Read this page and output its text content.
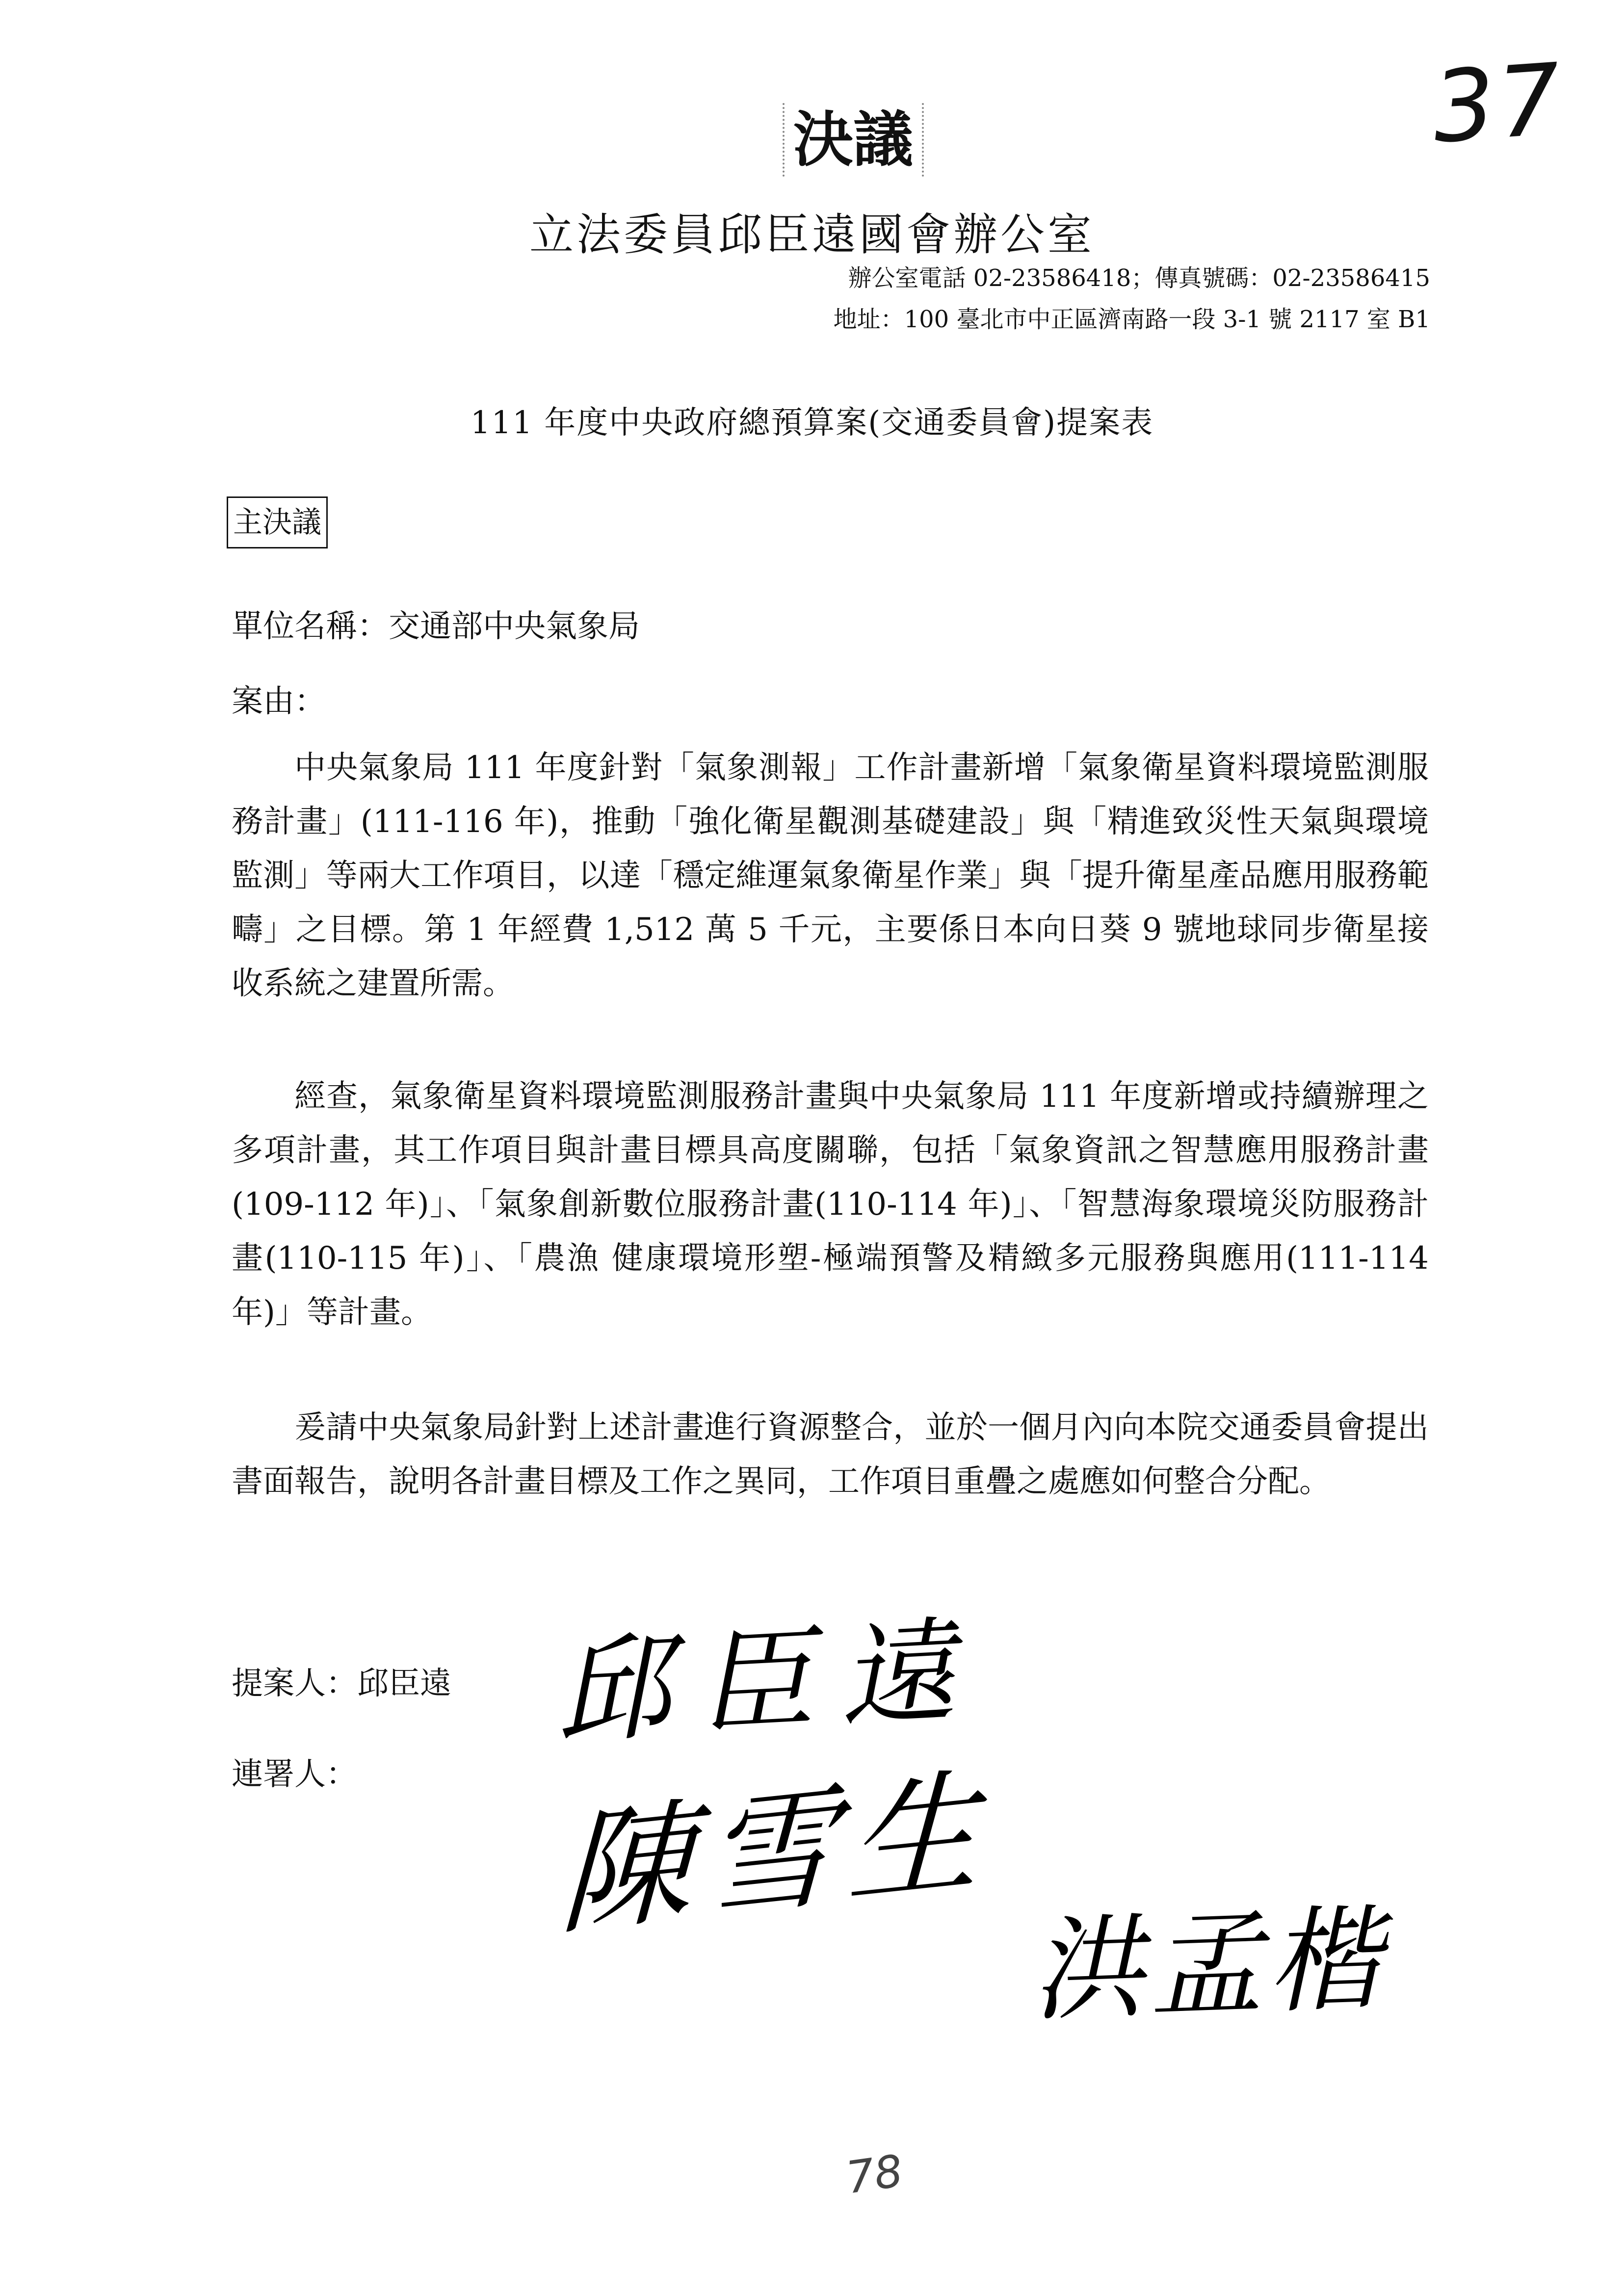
37
決議
立法委員邱臣遠國會辦公室
辦公室電話 02-23586418；傳真號碼：02-23586415
地址：100 臺北市中正區濟南路一段 3-1 號 2117 室 B1
111 年度中央政府總預算案(交通委員會)提案表
主決議
單位名稱：交通部中央氣象局
案由：

中央氣象局 111 年度針對「氣象測報」工作計畫新增「氣象衛星資料環境監測服務計畫」(111-116 年)，推動「強化衛星觀測基礎建設」與「精進致災性天氣與環境監測」等兩大工作項目，以達「穩定維運氣象衛星作業」與「提升衛星產品應用服務範疇」之目標。第 1 年經費 1,512 萬 5 千元，主要係日本向日葵 9 號地球同步衛星接收系統之建置所需。

經查，氣象衛星資料環境監測服務計畫與中央氣象局 111 年度新增或持續辦理之多項計畫，其工作項目與計畫目標具高度關聯，包括「氣象資訊之智慧應用服務計畫(109-112 年)」、「氣象創新數位服務計畫(110-114 年)」、「智慧海象環境災防服務計畫(110-115 年)」、「農漁 健康環境形塑-極端預警及精緻多元服務與應用(111-114 年)」等計畫。

爰請中央氣象局針對上述計畫進行資源整合，並於一個月內向本院交通委員會提出書面報告，說明各計畫目標及工作之異同，工作項目重疊之處應如何整合分配。

提案人：邱臣遠
連署人：
邱臣遠
陳雪生
洪孟楷
78
